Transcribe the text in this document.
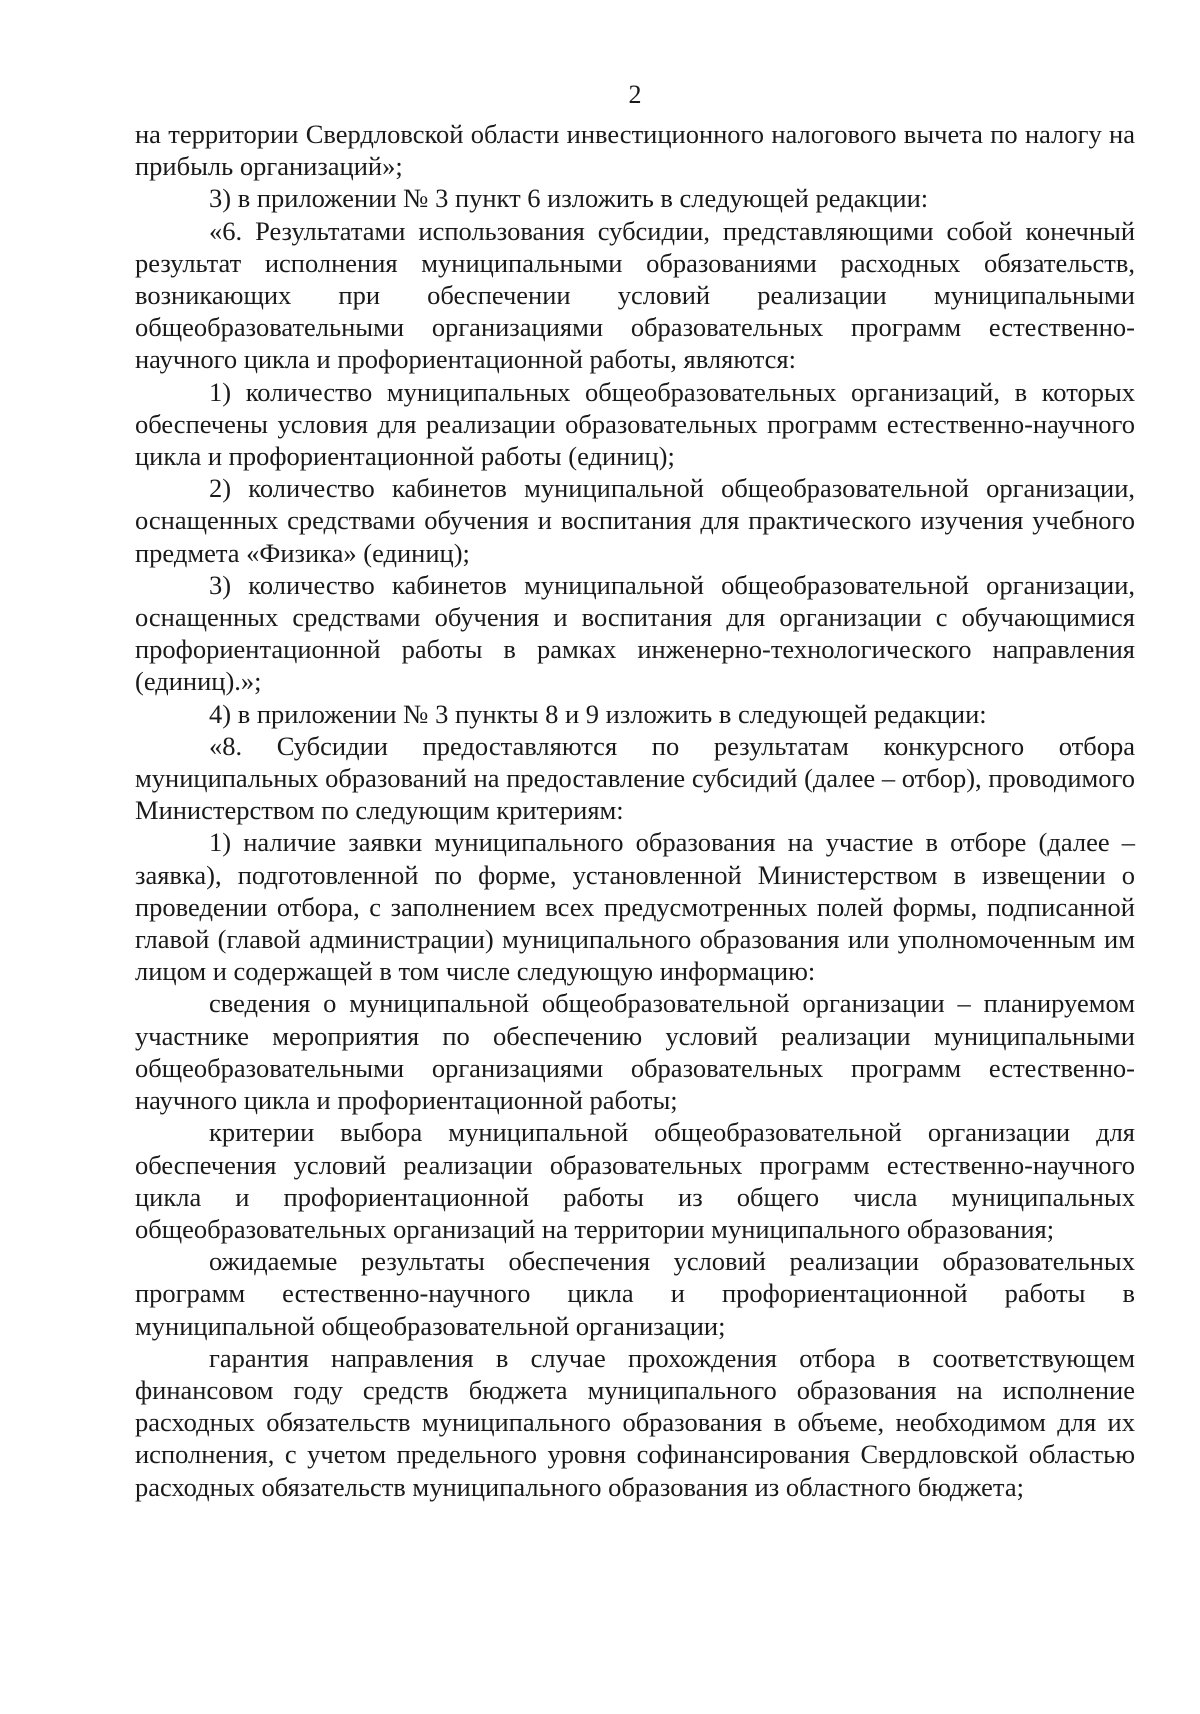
2

на территории Свердловской области инвестиционного налогового вычета по налогу на прибыль организаций»;

3) в приложении № 3 пункт 6 изложить в следующей редакции:

«6. Результатами использования субсидии, представляющими собой конечный результат исполнения муниципальными образованиями расходных обязательств, возникающих при обеспечении условий реализации муниципальными общеобразовательными организациями образовательных программ естественно-научного цикла и профориентационной работы, являются:

1) количество муниципальных общеобразовательных организаций, в которых обеспечены условия для реализации образовательных программ естественно-научного цикла и профориентационной работы (единиц);

2) количество кабинетов муниципальной общеобразовательной организации, оснащенных средствами обучения и воспитания для практического изучения учебного предмета «Физика» (единиц);

3) количество кабинетов муниципальной общеобразовательной организации, оснащенных средствами обучения и воспитания для организации с обучающимися профориентационной работы в рамках инженерно-технологического направления (единиц).»;

4) в приложении № 3 пункты 8 и 9 изложить в следующей редакции:

«8. Субсидии предоставляются по результатам конкурсного отбора муниципальных образований на предоставление субсидий (далее – отбор), проводимого Министерством по следующим критериям:

1) наличие заявки муниципального образования на участие в отборе (далее – заявка), подготовленной по форме, установленной Министерством в извещении о проведении отбора, с заполнением всех предусмотренных полей формы, подписанной главой (главой администрации) муниципального образования или уполномоченным им лицом и содержащей в том числе следующую информацию:

сведения о муниципальной общеобразовательной организации – планируемом участнике мероприятия по обеспечению условий реализации муниципальными общеобразовательными организациями образовательных программ естественно-научного цикла и профориентационной работы;

критерии выбора муниципальной общеобразовательной организации для обеспечения условий реализации образовательных программ естественно-научного цикла и профориентационной работы из общего числа муниципальных общеобразовательных организаций на территории муниципального образования;

ожидаемые результаты обеспечения условий реализации образовательных программ естественно-научного цикла и профориентационной работы в муниципальной общеобразовательной организации;

гарантия направления в случае прохождения отбора в соответствующем финансовом году средств бюджета муниципального образования на исполнение расходных обязательств муниципального образования в объеме, необходимом для их исполнения, с учетом предельного уровня софинансирования Свердловской областью расходных обязательств муниципального образования из областного бюджета;
